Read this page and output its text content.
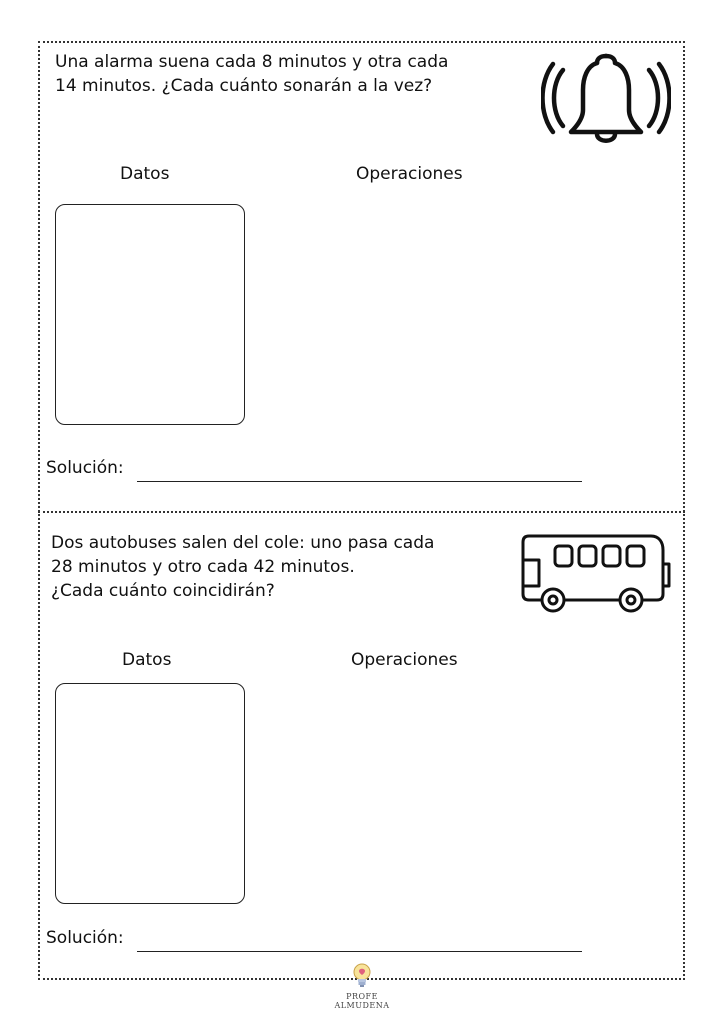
Una alarma suena cada 8 minutos y otra cada
14 minutos. ¿Cada cuánto sonarán a la vez?

Datos	Operaciones
Solución:

Dos autobuses salen del cole: uno pasa cada
28 minutos y otro cada 42 minutos.
¿Cada cuánto coincidirán?

Datos	Operaciones
Solución:
PROFE ALMUDENA
